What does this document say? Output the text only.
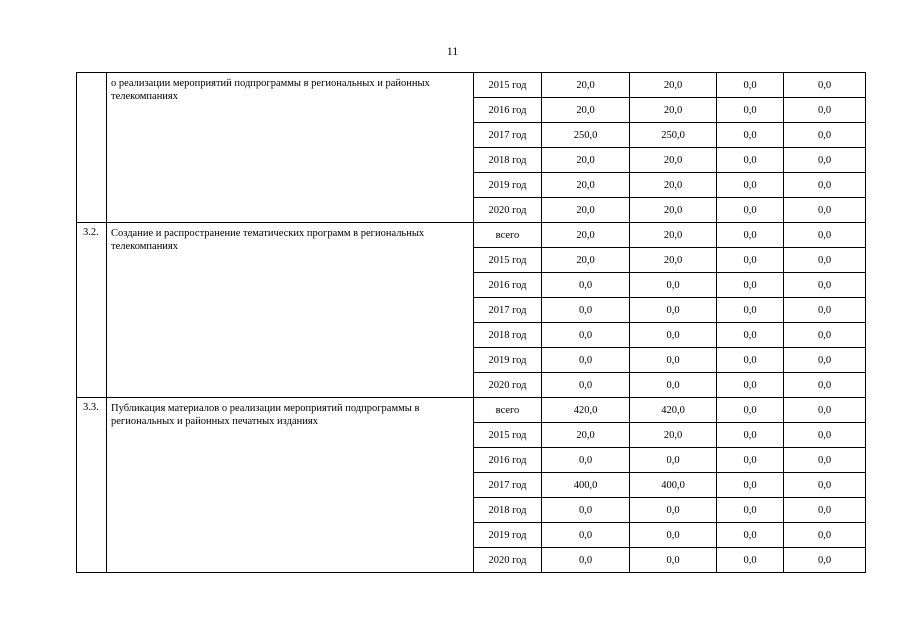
11
	о реализации мероприятий подпрограммы в региональных и районных телекомпаниях	2015 год	20,0	20,0	0,0	0,0
		2016 год	20,0	20,0	0,0	0,0
		2017 год	250,0	250,0	0,0	0,0
		2018 год	20,0	20,0	0,0	0,0
		2019 год	20,0	20,0	0,0	0,0
		2020 год	20,0	20,0	0,0	0,0
3.2.	Создание и распространение тематических программ в региональных телекомпаниях	всего	20,0	20,0	0,0	0,0
		2015 год	20,0	20,0	0,0	0,0
		2016 год	0,0	0,0	0,0	0,0
		2017 год	0,0	0,0	0,0	0,0
		2018 год	0,0	0,0	0,0	0,0
		2019 год	0,0	0,0	0,0	0,0
		2020 год	0,0	0,0	0,0	0,0
3.3.	Публикация материалов о реализации мероприятий подпрограммы в региональных и районных печатных изданиях	всего	420,0	420,0	0,0	0,0
		2015 год	20,0	20,0	0,0	0,0
		2016 год	0,0	0,0	0,0	0,0
		2017 год	400,0	400,0	0,0	0,0
		2018 год	0,0	0,0	0,0	0,0
		2019 год	0,0	0,0	0,0	0,0
		2020 год	0,0	0,0	0,0	0,0
